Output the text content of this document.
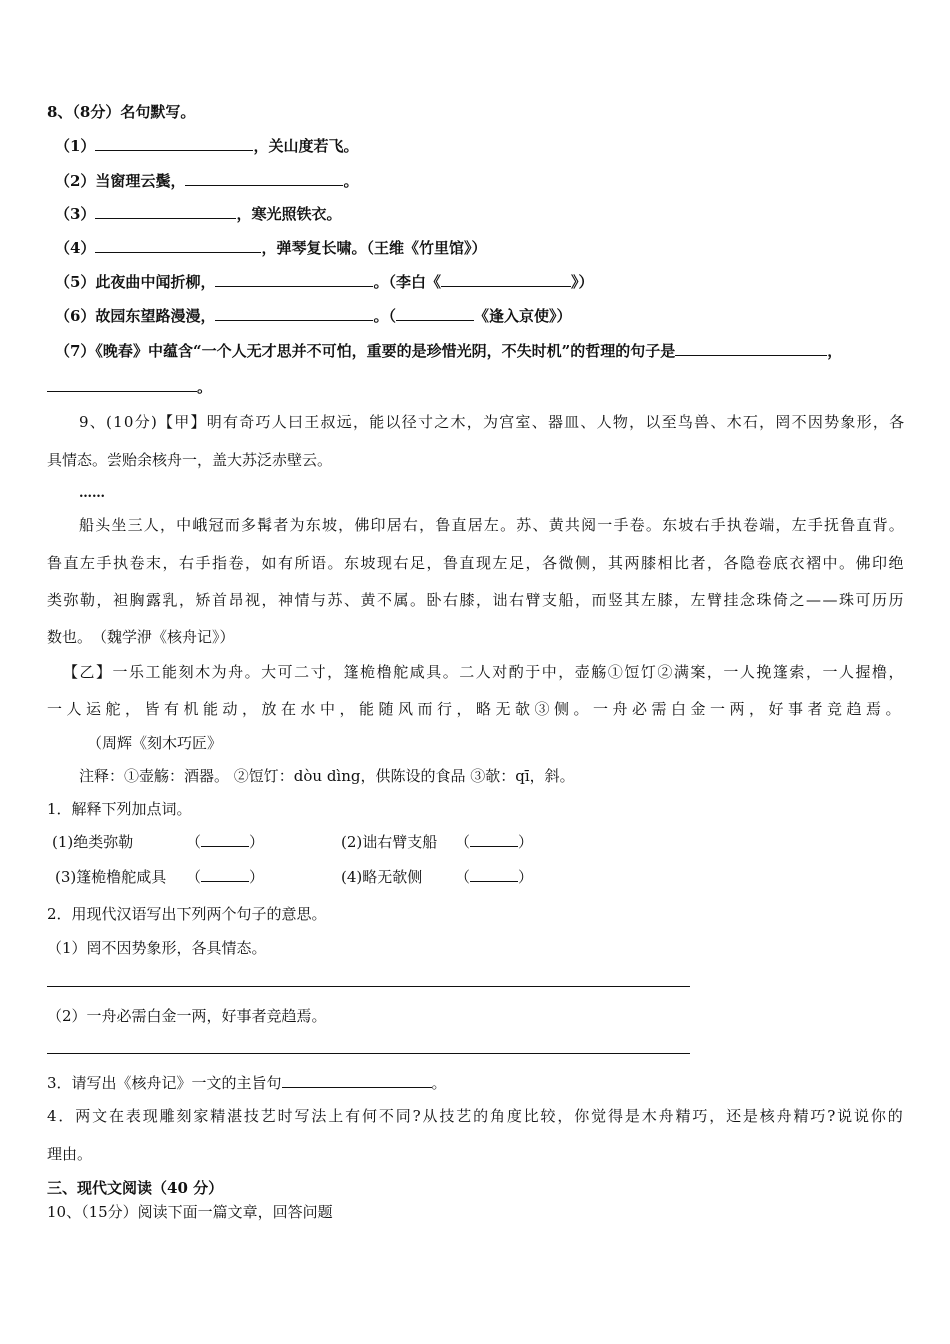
8、（8分）名句默写。
（1）	，关山度若飞。
（2）当窗理云鬓，	。
（3）	，寒光照铁衣。
（4）	，弹琴复长啸。（王维《竹里馆》）
（5）此夜曲中闻折柳，	。（李白《	》）
（6）故园东望路漫漫，	。（	《逢入京使》）
（7）《晚春》中蕴含“一个人无才思并不可怕，重要的是珍惜光阴，不失时机”的哲理的句子是	，
。
9、(10分)【甲】明有奇巧人曰王叔远，能以径寸之木，为宫室、器皿、人物，以至鸟兽、木石，罔不因势象形，各
具情态。尝贻余核舟一，盖大苏泛赤壁云。
……
船头坐三人，中峨冠而多髯者为东坡，佛印居右，鲁直居左。苏、黄共阅一手卷。东坡右手执卷端，左手抚鲁直背。
鲁直左手执卷末，右手指卷，如有所语。东坡现右足，鲁直现左足，各微侧，其两膝相比者，各隐卷底衣褶中。佛印绝
类弥勒，袒胸露乳，矫首昂视，神情与苏、黄不属。卧右膝，诎右臂支船，而竖其左膝，左臂挂念珠倚之——珠可历历
数也。　（魏学洢《核舟记》）
【乙】一乐工能刻木为舟。大可二寸，篷桅橹舵咸具。二人对酌于中，壶觞①饾饤②满案，一人挽篷索，一人握橹，
一人运舵，皆有机能动，放在水中，能随风而行，略无欹③侧。一舟必需白金一两，好事者竞趋焉。
（周辉《刻木巧匠》
注释：①壶觞：酒器。 ②饾饤：dòu dìng，供陈设的食品 ③欹：qī，斜。
1．解释下列加点词。
(1)绝类弥勒	（	）	(2)诎右臂支船 （	）
(3)篷桅橹舵咸具 （	）	(4)略无欹侧 （	）
2．用现代汉语写出下列两个句子的意思。
（1）罔不因势象形，各具情态。
（2）一舟必需白金一两，好事者竞趋焉。
3．请写出《核舟记》一文的主旨句	。
4．两文在表现雕刻家精湛技艺时写法上有何不同?从技艺的角度比较，你觉得是木舟精巧，还是核舟精巧?说说你的
理由。
三、现代文阅读（40 分）
10、（15分）阅读下面一篇文章，回答问题
